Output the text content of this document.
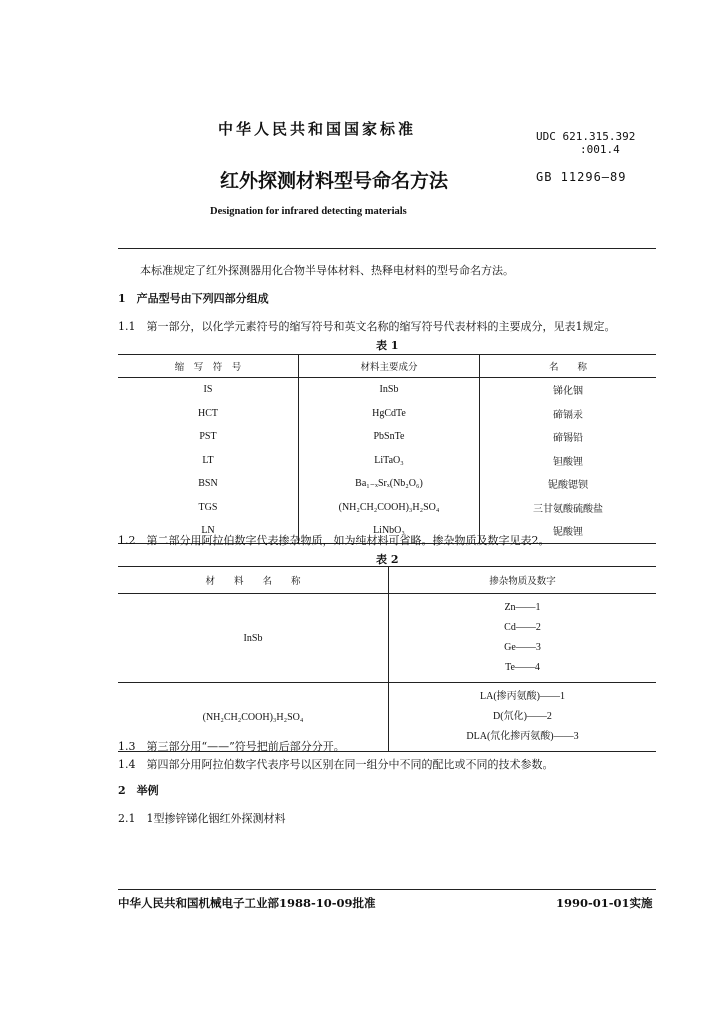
中华人民共和国国家标准	UDC 621.315.392
:001.4
红外探测材料型号命名方法	GB 11296—89
Designation for infrared detecting materials
本标准规定了红外探测器用化合物半导体材料、热释电材料的型号命名方法。
1　产品型号由下列四部分组成
1.1　第一部分，以化学元素符号的缩写符号和英文名称的缩写符号代表材料的主要成分，见表1规定。
表 1
缩　写　符　号	材料主要成分	名　　称
IS	InSb	锑化铟
HCT	HgCdTe	碲镉汞
PST	PbSnTe	碲锡铅
LT	LiTaO₃	钽酸锂
BSN	Ba₁₋ₓSrₓ(Nb₂O₆)	铌酸锶钡
TGS	(NH₂CH₂COOH)₃H₂SO₄	三甘氨酸硫酸盐
LN	LiNbO₃	铌酸锂
1.2　第二部分用阿拉伯数字代表掺杂物质，如为纯材料可省略。掺杂物质及数字见表2。
表 2
材　　料　　名　　称	掺杂物质及数字
InSb	Zn——1
Cd——2
Ge——3
Te——4

(NH₂CH₂COOH)₃H₂SO₄	LA(掺丙氨酸)——1
D(氘化)——2
DLA(氘化掺丙氨酸)——3
1.3　第三部分用“——”符号把前后部分分开。
1.4　第四部分用阿拉伯数字代表序号以区别在同一组分中不同的配比或不同的技术参数。
2　举例
2.1　1型掺锌锑化铟红外探测材料
中华人民共和国机械电子工业部1988-10-09批准	1990-01-01实施
